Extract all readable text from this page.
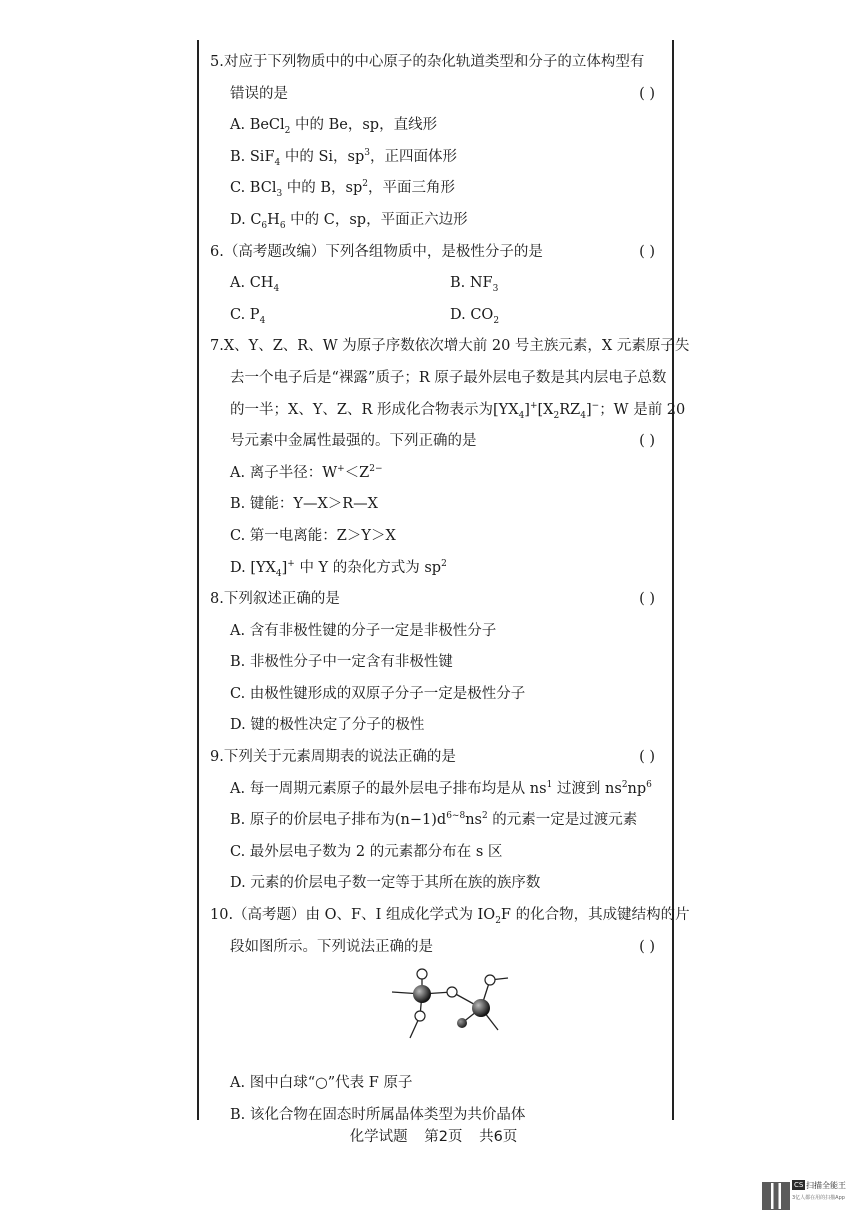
5.对应于下列物质中的中心原子的杂化轨道类型和分子的立体构型有
错误的是	( )
A. BeCl$_2$ 中的 Be，sp，直线形
B. SiF$_4$ 中的 Si，$sp^3$，正四面体形
C. BCl$_3$ 中的 B，$sp^2$，平面三角形
D. $C_6H_6$ 中的 C，sp，平面正六边形
6.（高考题改编）下列各组物质中，是极性分子的是	( )
A. $CH_4$	B. $NF_3$
C. $P_4$	D. $CO_2$
7.X、Y、Z、R、W 为原子序数依次增大前 20 号主族元素，X 元素原子失
去一个电子后是“裸露”质子；R 原子最外层电子数是其内层电子总数
的一半；X、Y、Z、R 形成化合物表示为$[YX_4]^+[X_2RZ_4]^-$；W 是前 20
号元素中金属性最强的。下列正确的是	( )
A. 离子半径：$W^+<Z^{2-}$
B. 键能：Y—X＞R—X
C. 第一电离能：Z＞Y＞X
D. $[YX_4]^+$ 中 Y 的杂化方式为 $sp^2$
8.下列叙述正确的是	( )
A. 含有非极性键的分子一定是非极性分子
B. 非极性分子中一定含有非极性键
C. 由极性键形成的双原子分子一定是极性分子
D. 键的极性决定了分子的极性
9.下列关于元素周期表的说法正确的是	( )
A. 每一周期元素原子的最外层电子排布均是从 $ns^1$ 过渡到 $ns^2np^6$
B. 原子的价层电子排布为$(n-1)d^{6\sim 8}ns^2$ 的元素一定是过渡元素
C. 最外层电子数为 2 的元素都分布在 s 区
D. 元素的价层电子数一定等于其所在族的族序数
10.（高考题）由 O、F、I 组成化学式为 $IO_2F$ 的化合物，其成键结构的片
段如图所示。下列说法正确的是	( )
A. 图中白球“○”代表 F 原子
B. 该化合物在固态时所属晶体类型为共价晶体
化学试题 第2页 共6页
CS 扫描全能王
3亿人都在用的扫描App
